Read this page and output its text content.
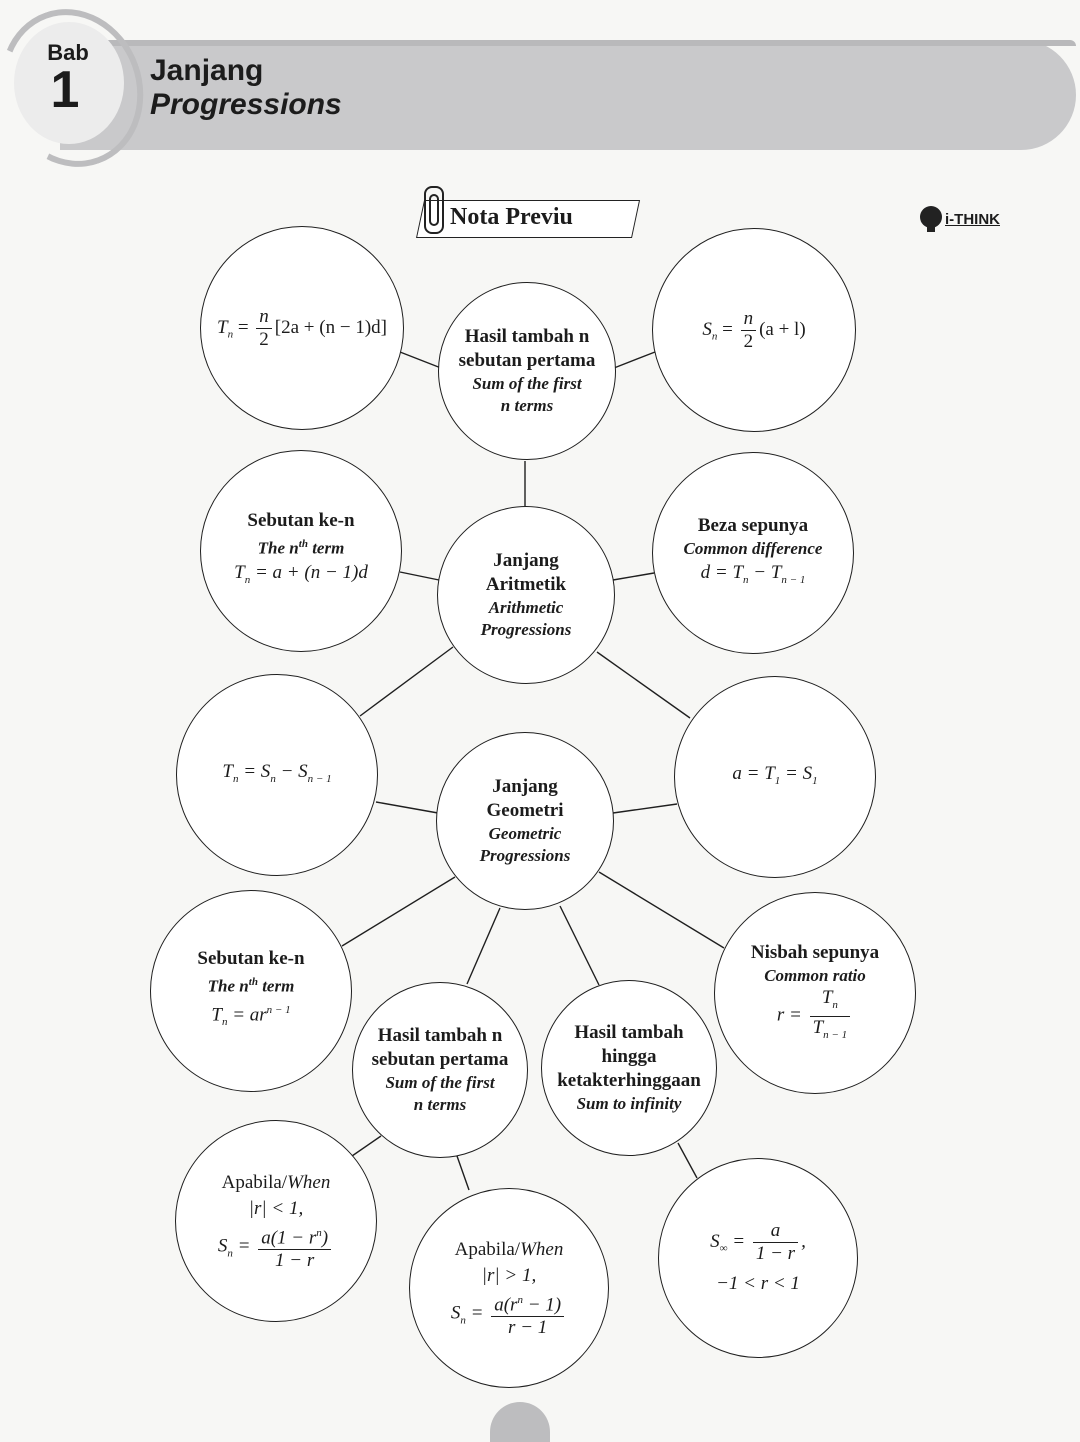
Bab
1	Janjang
Progressions
Nota Previu	i-THINK
$T_n = \frac{n}{2} [2a + (n - 1)d]$	Hasil tambah n
sebutan pertama
Sum of the first
n terms
$S_n = \frac{n}{2} (a + l)$
Sebutan ke-n
The $n^{th}$ term
$T_n = a + (n - 1)d$
Janjang
Aritmetik
Arithmetic
Progressions
Beza sepunya
Common difference
$d = T_n - T_{n - 1}$
$T_n = S_n - S_{n - 1}$	Janjang
Geometri
Geometric
Progressions
$a = T_1 = S_1$
Sebutan ke-n
The $n^{th}$ term
$T_n = ar^{n - 1}$
Nisbah sepunya
Common ratio
$r = \frac{T_n}{T_{n - 1}}$
Hasil tambah n
sebutan pertama
Sum of the first
n terms
Hasil tambah
hingga
ketakterhinggaan
Sum to infinity
Apabila/When
|r| < 1,
$S_n = \frac{a(1 - r^n)}{1 - r}$	Apabila/When
|r| > 1,
$S_n = \frac{a(r^n - 1)}{r - 1}$
$S_\infty = \frac{a}{1 - r}$ ,
−1 < r < 1
